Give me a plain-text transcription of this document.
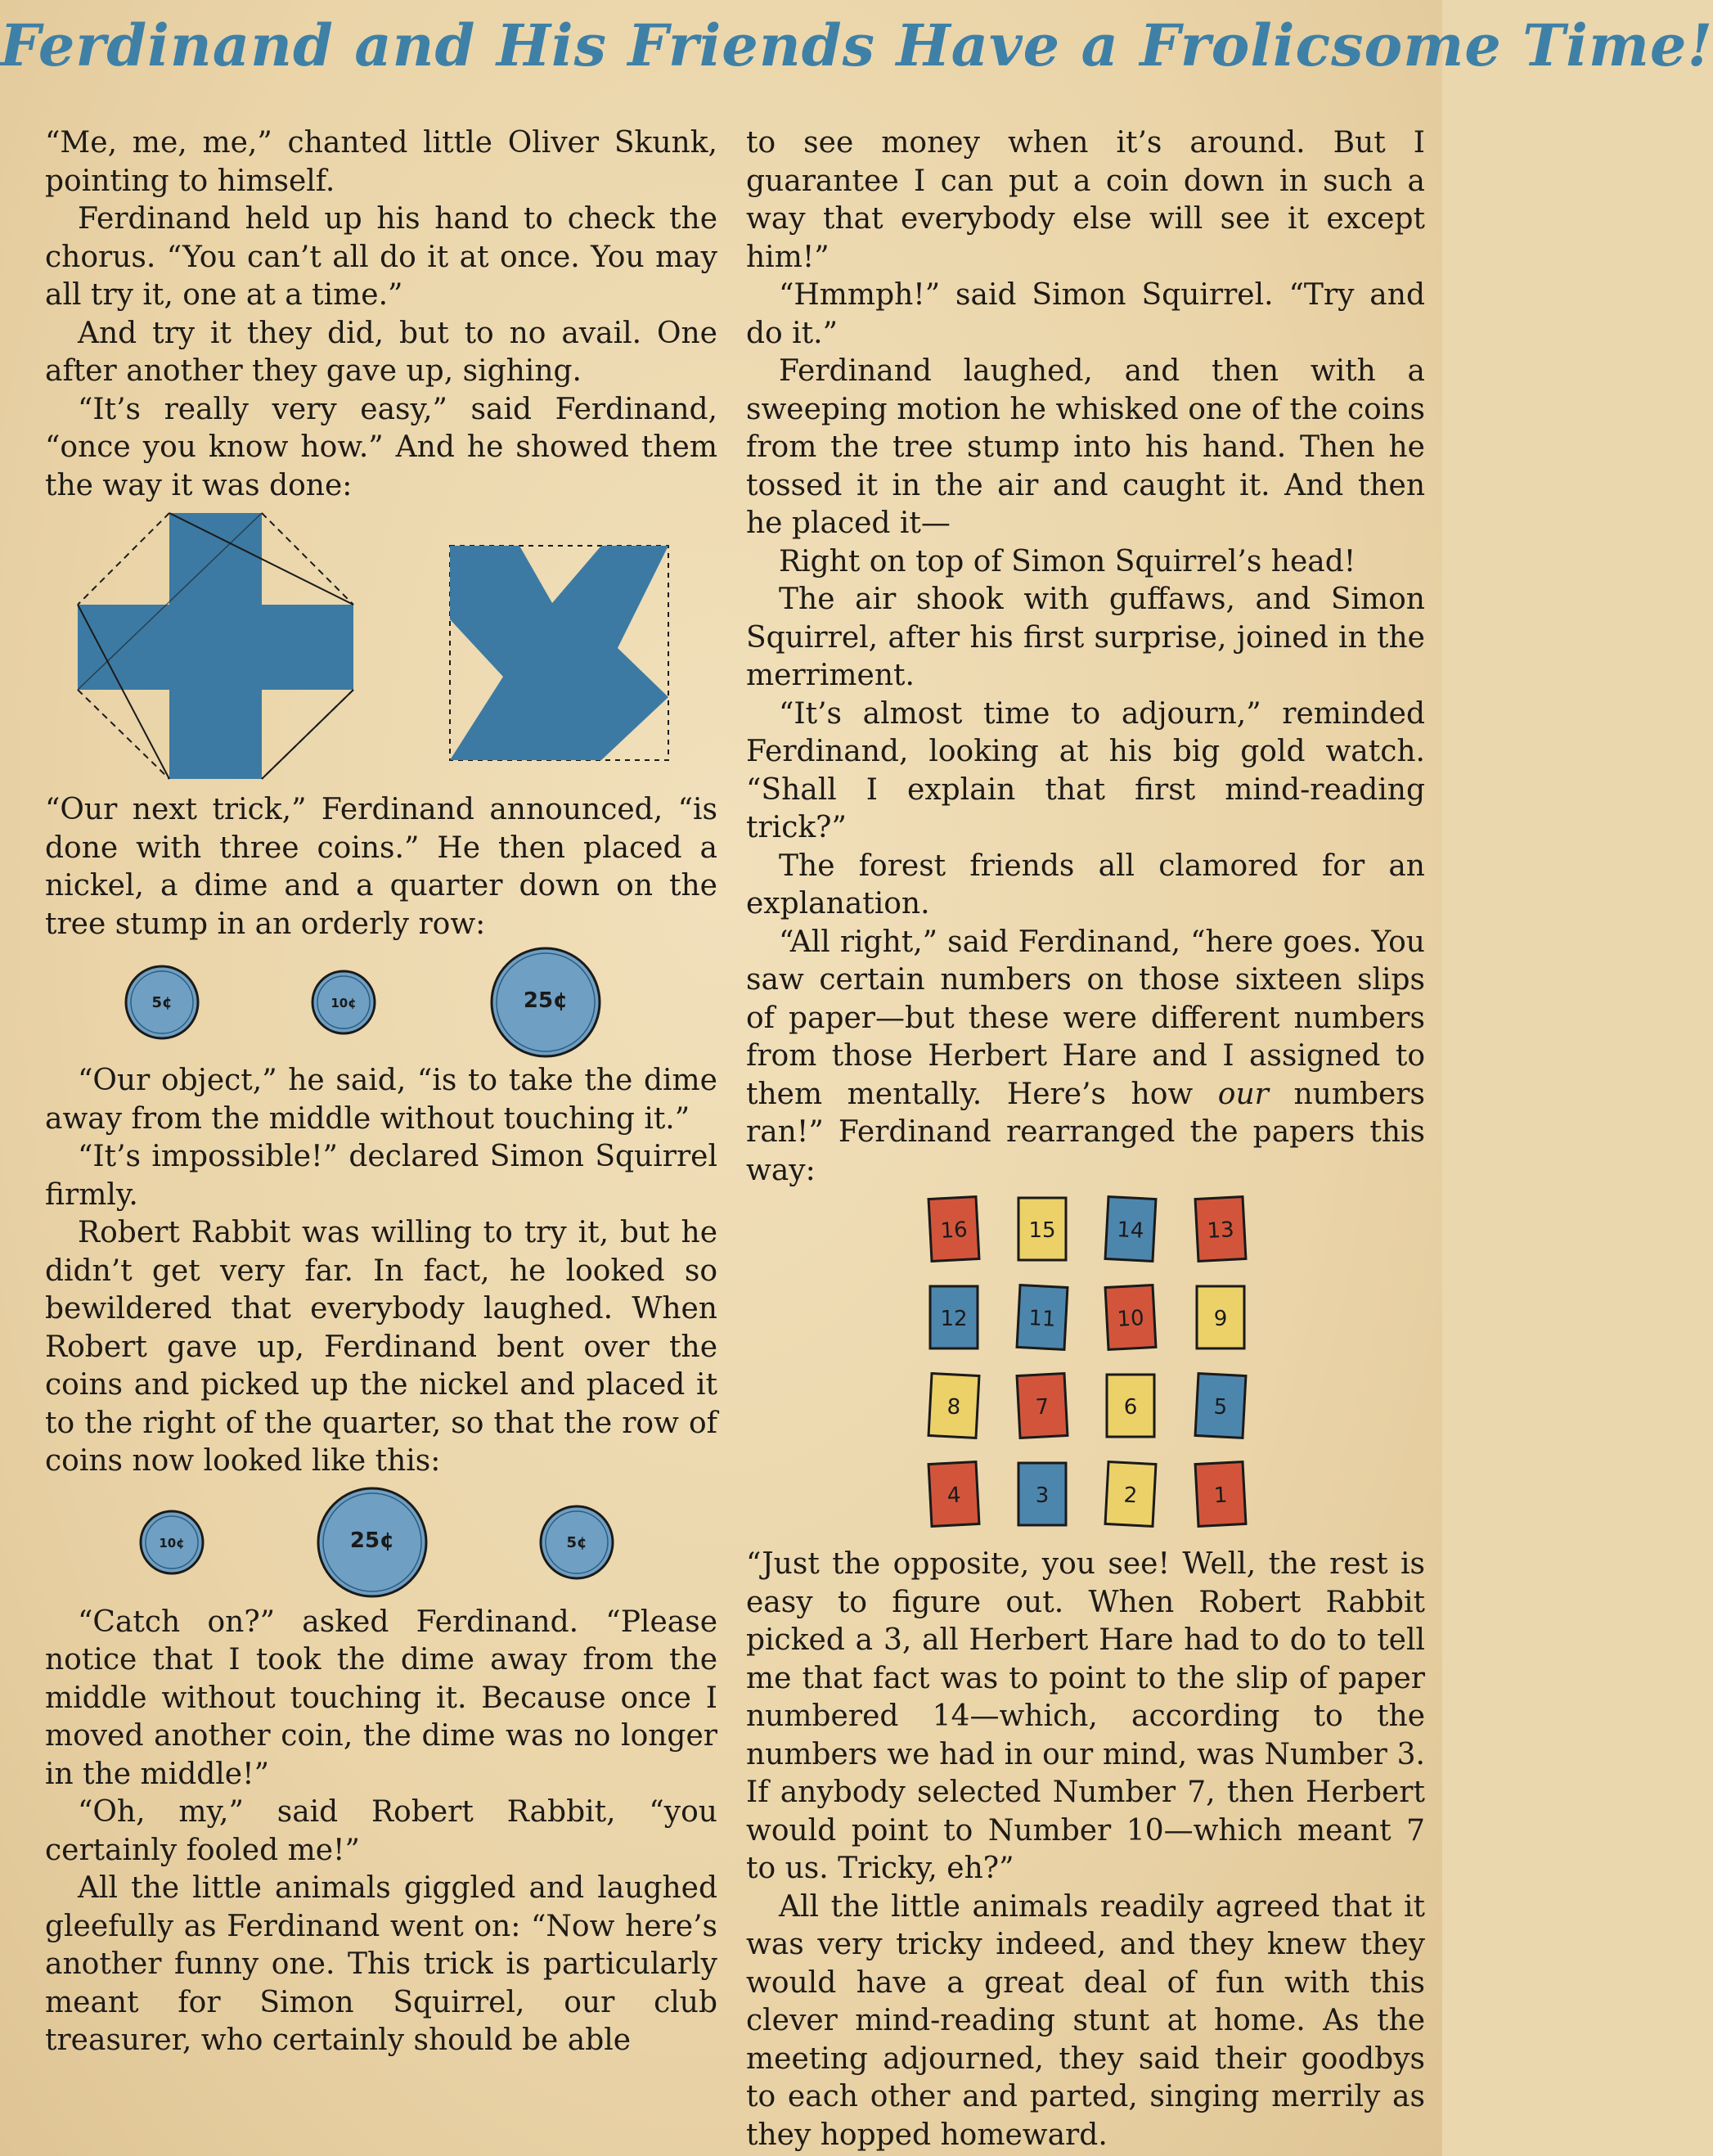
Ferdinand and His Friends Have a Frolicsome Time!

“Me, me, me,” chanted little Oliver Skunk, pointing to himself.

Ferdinand held up his hand to check the chorus. “You can’t all do it at once. You may all try it, one at a time.”

And try it they did, but to no avail. One after another they gave up, sighing.

“It’s really very easy,” said Ferdinand, “once you know how.” And he showed them the way it was done:

“Our next trick,” Ferdinand announced, “is done with three coins.” He then placed a nickel, a dime and a quarter down on the tree stump in an orderly row:

5¢	10¢	25¢

“Our object,” he said, “is to take the dime away from the middle without touching it.”

“It’s impossible!” declared Simon Squirrel firmly.

Robert Rabbit was willing to try it, but he didn’t get very far. In fact, he looked so bewildered that everybody laughed. When Robert gave up, Ferdinand bent over the coins and picked up the nickel and placed it to the right of the quarter, so that the row of coins now looked like this:

10¢	25¢	5¢

“Catch on?” asked Ferdinand. “Please notice that I took the dime away from the middle without touching it. Because once I moved another coin, the dime was no longer in the middle!”

“Oh, my,” said Robert Rabbit, “you certainly fooled me!”

All the little animals giggled and laughed gleefully as Ferdinand went on: “Now here’s another funny one. This trick is particularly meant for Simon Squirrel, our club treasurer, who certainly should be able

to see money when it’s around. But I guarantee I can put a coin down in such a way that everybody else will see it except him!”

“Hmmph!” said Simon Squirrel. “Try and do it.”

Ferdinand laughed, and then with a sweeping motion he whisked one of the coins from the tree stump into his hand. Then he tossed it in the air and caught it. And then he placed it—

Right on top of Simon Squirrel’s head!

The air shook with guffaws, and Simon Squirrel, after his first surprise, joined in the merriment.

“It’s almost time to adjourn,” reminded Ferdinand, looking at his big gold watch. “Shall I explain that first mind-reading trick?”

The forest friends all clamored for an explanation.

“All right,” said Ferdinand, “here goes. You saw certain numbers on those sixteen slips of paper—but these were different numbers from those Herbert Hare and I assigned to them mentally. Here’s how our numbers ran!” Ferdinand rearranged the papers this way:

16	15	14	13
12	11	10	9
8	7	6	5
4	3	2	1

“Just the opposite, you see! Well, the rest is easy to figure out. When Robert Rabbit picked a 3, all Herbert Hare had to do to tell me that fact was to point to the slip of paper numbered 14—which, according to the numbers we had in our mind, was Number 3. If anybody selected Number 7, then Herbert would point to Number 10—which meant 7 to us. Tricky, eh?”

All the little animals readily agreed that it was very tricky indeed, and they knew they would have a great deal of fun with this clever mind-reading stunt at home. As the meeting adjourned, they said their goodbys to each other and parted, singing merrily as they hopped homeward.
